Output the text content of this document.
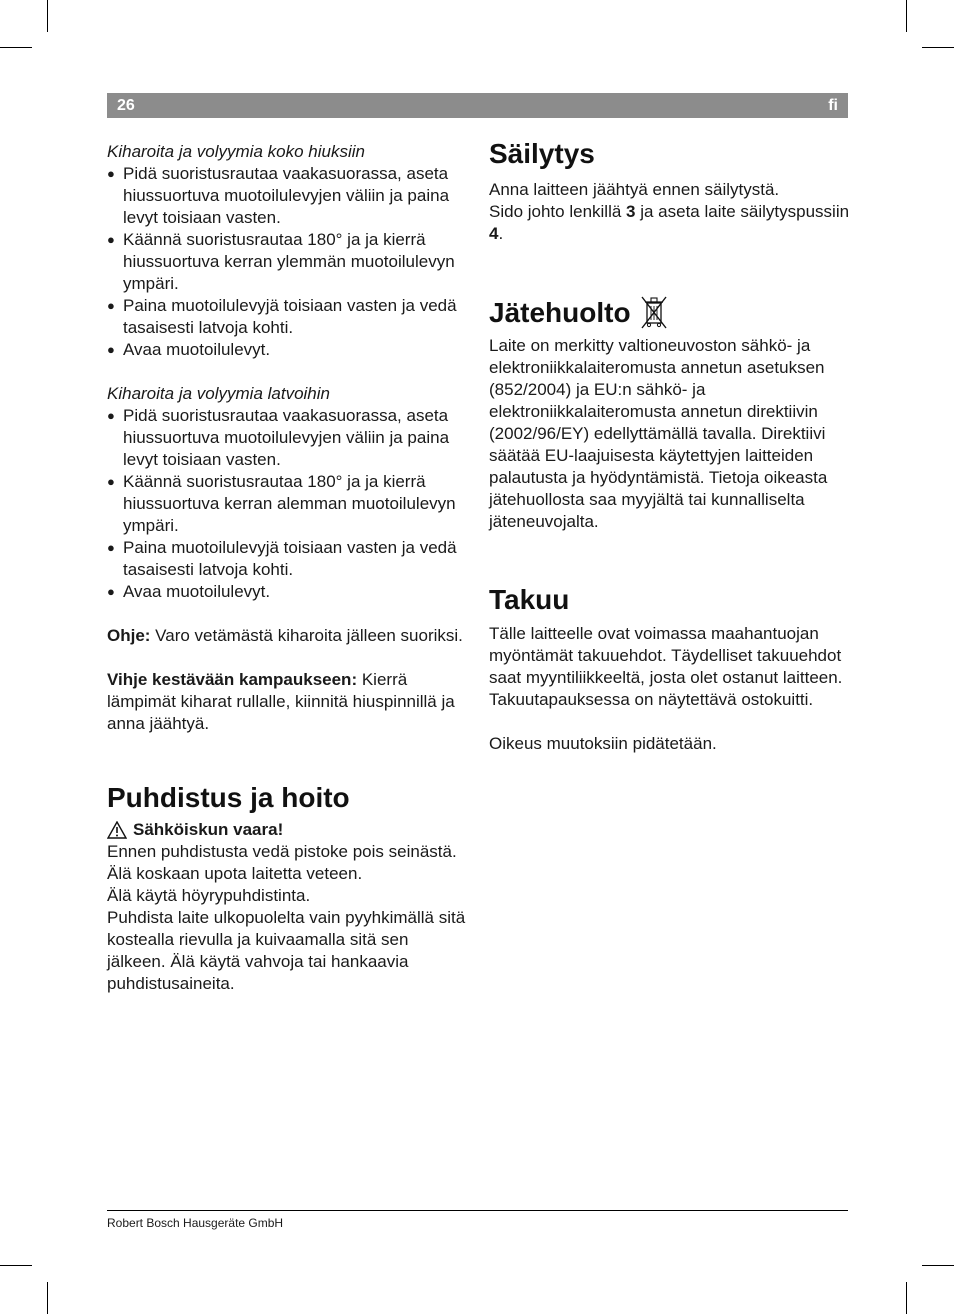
26	fi

Kiharoita ja volyymia koko hiuksiin

● Pidä suoristusrautaa vaakasuorassa, aseta hiussuortuva muotoilulevyjen väliin ja paina levyt toisiaan vasten.
● Käännä suoristusrautaa 180° ja ja kierrä hiussuortuva kerran ylemmän muotoilulevyn ympäri.
● Paina muotoilulevyjä toisiaan vasten ja vedä tasaisesti latvoja kohti.
● Avaa muotoilulevyt.

Kiharoita ja volyymia latvoihin

● Pidä suoristusrautaa vaakasuorassa, aseta hiussuortuva muotoilulevyjen väliin ja paina levyt toisiaan vasten.
● Käännä suoristusrautaa 180° ja ja kierrä hiussuortuva kerran alemman muotoilulevyn ympäri.
● Paina muotoilulevyjä toisiaan vasten ja vedä tasaisesti latvoja kohti.
● Avaa muotoilulevyt.

Ohje: Varo vetämästä kiharoita jälleen suoriksi.

Vihje kestävään kampaukseen: Kierrä lämpimät kiharat rullalle, kiinnitä hiuspinnillä ja anna jäähtyä.

Puhdistus ja hoito
Sähköiskun vaara!

Ennen puhdistusta vedä pistoke pois seinästä.

Älä koskaan upota laitetta veteen.

Älä käytä höyrypuhdistinta.

Puhdista laite ulkopuolelta vain pyyhkimällä sitä kostealla rievulla ja kuivaamalla sitä sen jälkeen. Älä käytä vahvoja tai hankaavia puhdistusaineita.

Säilytys

Anna laitteen jäähtyä ennen säilytystä.

Sido johto lenkillä 3 ja aseta laite säilytyspussiin 4.

Jätehuolto

Laite on merkitty valtioneuvoston sähkö- ja elektroniikkalaiteromusta annetun asetuksen (852/2004) ja EU:n sähkö- ja elektroniikkalaiteromusta annetun direktiivin (2002/96/EY) edellyttämällä tavalla. Direktiivi säätää EU-laajuisesta käytettyjen laitteiden palautusta ja hyödyntämistä. Tietoja oikeasta jätehuollosta saa myyjältä tai kunnalliselta jäteneuvojalta.

Takuu

Tälle laitteelle ovat voimassa maahantuojan myöntämät takuuehdot. Täydelliset takuuehdot saat myyntiliikkeeltä, josta olet ostanut laitteen.

Takuutapauksessa on näytettävä ostokuitti.

Oikeus muutoksiin pidätetään.

Robert Bosch Hausgeräte GmbH
